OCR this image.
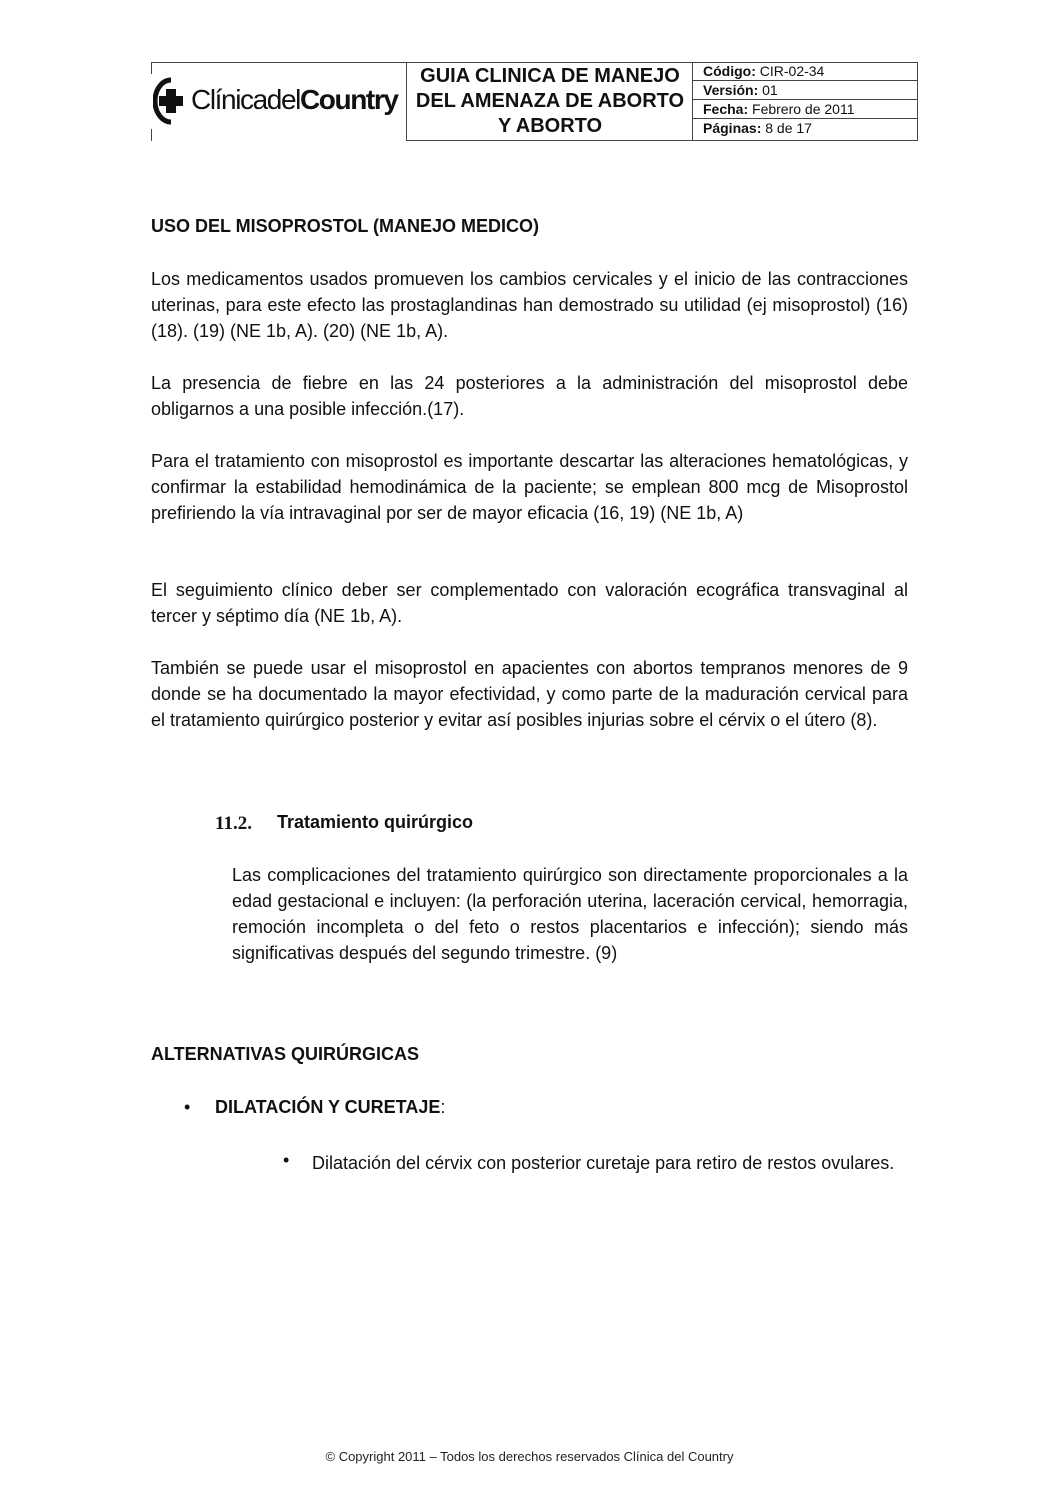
ClínicadelCountry
GUIA CLINICA DE MANEJO DEL AMENAZA DE ABORTO Y ABORTO
Código: CIR-02-34
Versión: 01
Fecha: Febrero de 2011
Páginas: 8 de 17
USO DEL MISOPROSTOL (MANEJO MEDICO)

Los medicamentos usados promueven los cambios cervicales y el inicio de las contracciones uterinas, para este efecto las prostaglandinas han demostrado su utilidad (ej misoprostol) (16) (18). (19) (NE 1b, A). (20) (NE 1b, A).

La presencia de fiebre en las 24 posteriores a la administración del misoprostol debe obligarnos a una posible infección.(17).

Para el tratamiento con misoprostol es importante descartar las alteraciones hematológicas, y confirmar la estabilidad hemodinámica de la paciente; se emplean 800 mcg de Misoprostol prefiriendo la vía intravaginal por ser de mayor eficacia (16, 19) (NE 1b, A)

El seguimiento clínico deber ser complementado con valoración ecográfica transvaginal al tercer y séptimo día (NE 1b, A).

También se puede usar el misoprostol en apacientes con abortos tempranos menores de 9 donde se ha documentado la mayor efectividad, y como parte de la maduración cervical para el tratamiento quirúrgico posterior y evitar así posibles injurias sobre el cérvix o el útero (8).

11.2. Tratamiento quirúrgico

Las complicaciones del tratamiento quirúrgico son directamente proporcionales a la edad gestacional e incluyen: (la perforación uterina, laceración cervical, hemorragia, remoción incompleta o del feto o restos placentarios e infección); siendo más significativas después del segundo trimestre. (9)

ALTERNATIVAS QUIRÚRGICAS
• DILATACIÓN Y CURETAJE:
• Dilatación del cérvix con posterior curetaje para retiro de restos ovulares.

© Copyright 2011 – Todos los derechos reservados Clínica del Country
